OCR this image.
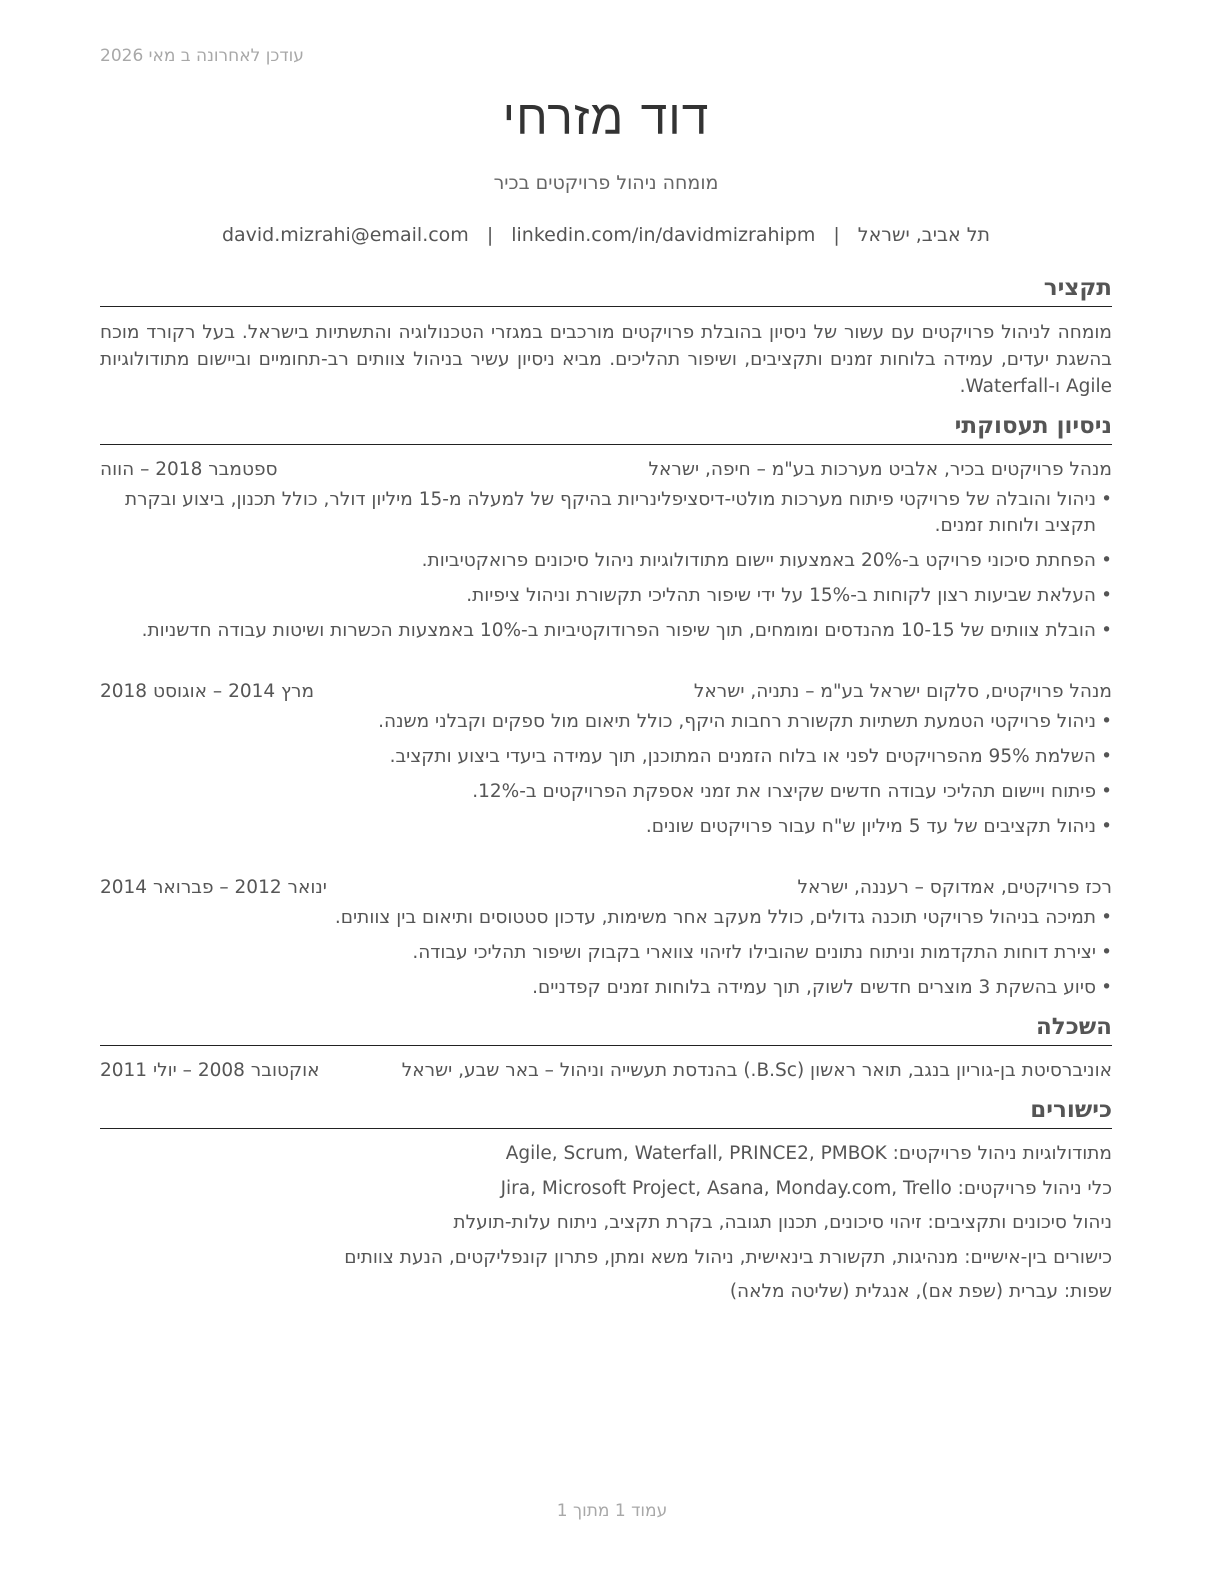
עודכן לאחרונה ב מאי 2026
דוד מזרחי
מומחה ניהול פרויקטים בכיר
תל אביב, ישראל|david.mizrahi@email.com | linkedin.com/in/davidmizrahipm
תקציר
מומחה לניהול פרויקטים עם עשור של ניסיון בהובלת פרויקטים מורכבים במגזרי הטכנולוגיה והתשתיות בישראל. בעל רקורד מוכח בהשגת יעדים, עמידה בלוחות זמנים ותקציבים, ושיפור תהליכים. מביא ניסיון עשיר בניהול צוותים רב-תחומיים וביישום מתודולוגיות Agile ו-Waterfall.
ניסיון תעסוקתי
מנהל פרויקטים בכיר, אלביט מערכות בע"מ – חיפה, ישראל
ספטמבר 2018 – הווה
• ניהול והובלה של פרויקטי פיתוח מערכות מולטי-דיסציפלינריות בהיקף של למעלה מ-15 מיליון דולר, כולל תכנון, ביצוע ובקרת תקציב ולוחות זמנים.
• הפחתת סיכוני פרויקט ב-20% באמצעות יישום מתודולוגיות ניהול סיכונים פרואקטיביות.
• העלאת שביעות רצון לקוחות ב-15% על ידי שיפור תהליכי תקשורת וניהול ציפיות.
• הובלת צוותים של 10-15 מהנדסים ומומחים, תוך שיפור הפרודוקטיביות ב-10% באמצעות הכשרות ושיטות עבודה חדשניות.
מנהל פרויקטים, סלקום ישראל בע"מ – נתניה, ישראל
מרץ 2014 – אוגוסט 2018
• ניהול פרויקטי הטמעת תשתיות תקשורת רחבות היקף, כולל תיאום מול ספקים וקבלני משנה.
• השלמת 95% מהפרויקטים לפני או בלוח הזמנים המתוכנן, תוך עמידה ביעדי ביצוע ותקציב.
• פיתוח ויישום תהליכי עבודה חדשים שקיצרו את זמני אספקת הפרויקטים ב-12%.
• ניהול תקציבים של עד 5 מיליון ש"ח עבור פרויקטים שונים.
רכז פרויקטים, אמדוקס – רעננה, ישראל
ינואר 2012 – פברואר 2014
• תמיכה בניהול פרויקטי תוכנה גדולים, כולל מעקב אחר משימות, עדכון סטטוסים ותיאום בין צוותים.
• יצירת דוחות התקדמות וניתוח נתונים שהובילו לזיהוי צווארי בקבוק ושיפור תהליכי עבודה.
• סיוע בהשקת 3 מוצרים חדשים לשוק, תוך עמידה בלוחות זמנים קפדניים.
השכלה
אוניברסיטת בן-גוריון בנגב, תואר ראשון (B.Sc.) בהנדסת תעשייה וניהול – באר שבע, ישראל
אוקטובר 2008 – יולי 2011
כישורים
מתודולוגיות ניהול פרויקטים: Agile, Scrum, Waterfall, PRINCE2, PMBOK
כלי ניהול פרויקטים: Jira, Microsoft Project, Asana, Monday.com, Trello
ניהול סיכונים ותקציבים: זיהוי סיכונים, תכנון תגובה, בקרת תקציב, ניתוח עלות-תועלת
כישורים בין-אישיים: מנהיגות, תקשורת בינאישית, ניהול משא ומתן, פתרון קונפליקטים, הנעת צוותים
שפות: עברית (שפת אם), אנגלית (שליטה מלאה)
עמוד 1 מתוך 1
